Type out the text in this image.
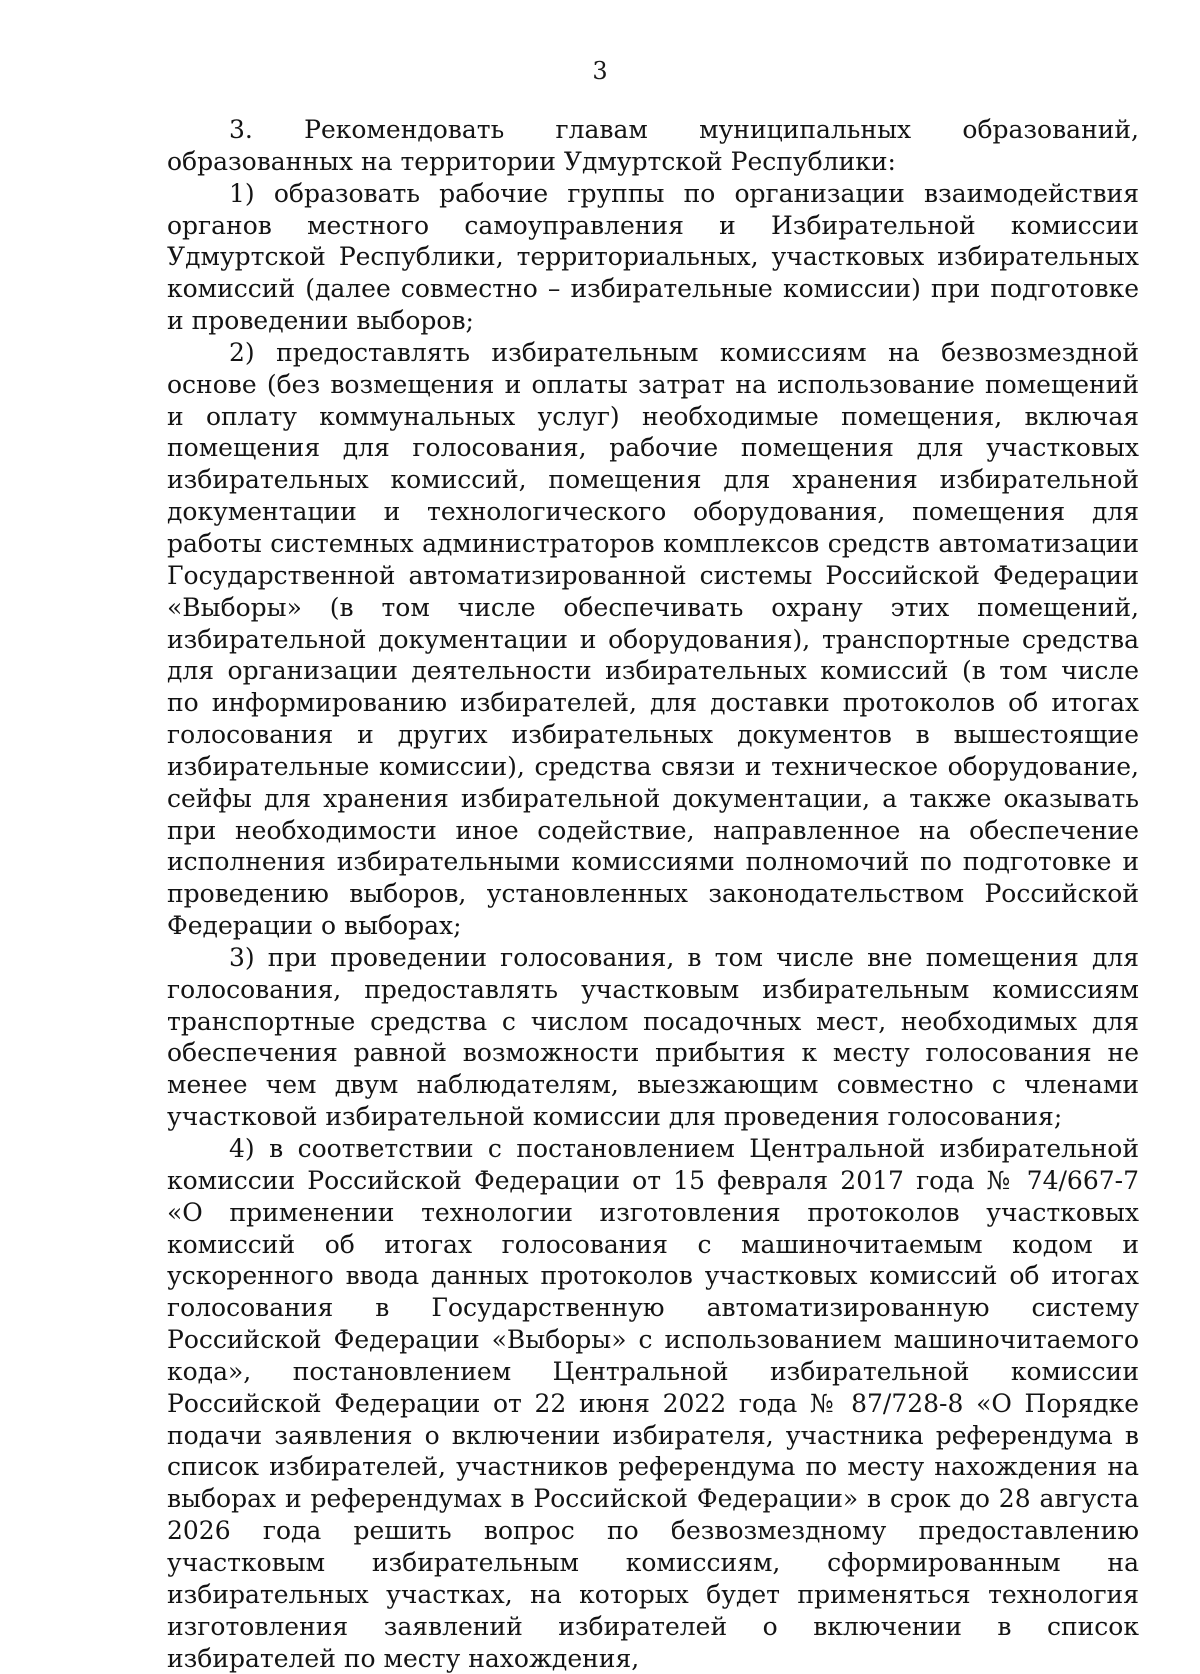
3

3. Рекомендовать главам муниципальных образований, образованных на территории Удмуртской Республики:

1) образовать рабочие группы по организации взаимодействия органов местного самоуправления и Избирательной комиссии Удмуртской Республики, территориальных, участковых избирательных комиссий (далее совместно – избирательные комиссии) при подготовке и проведении выборов;

2) предоставлять избирательным комиссиям на безвозмездной основе (без возмещения и оплаты затрат на использование помещений и оплату коммунальных услуг) необходимые помещения, включая помещения для голосования, рабочие помещения для участковых избирательных комиссий, помещения для хранения избирательной документации и технологического оборудования, помещения для работы системных администраторов комплексов средств автоматизации Государственной автоматизированной системы Российской Федерации «Выборы» (в том числе обеспечивать охрану этих помещений, избирательной документации и оборудования), транспортные средства для организации деятельности избирательных комиссий (в том числе по информированию избирателей, для доставки протоколов об итогах голосования и других избирательных документов в вышестоящие избирательные комиссии), средства связи и техническое оборудование, сейфы для хранения избирательной документации, а также оказывать при необходимости иное содействие, направленное на обеспечение исполнения избирательными комиссиями полномочий по подготовке и проведению выборов, установленных законодательством Российской Федерации о выборах;

3) при проведении голосования, в том числе вне помещения для голосования, предоставлять участковым избирательным комиссиям транспортные средства с числом посадочных мест, необходимых для обеспечения равной возможности прибытия к месту голосования не менее чем двум наблюдателям, выезжающим совместно с членами участковой избирательной комиссии для проведения голосования;

4) в соответствии с постановлением Центральной избирательной комиссии Российской Федерации от 15 февраля 2017 года № 74/667-7 «О применении технологии изготовления протоколов участковых комиссий об итогах голосования с машиночитаемым кодом и ускоренного ввода данных протоколов участковых комиссий об итогах голосования в Государственную автоматизированную систему Российской Федерации «Выборы» с использованием машиночитаемого кода», постановлением Центральной избирательной комиссии Российской Федерации от 22 июня 2022 года № 87/728-8 «О Порядке подачи заявления о включении избирателя, участника референдума в список избирателей, участников референдума по месту нахождения на выборах и референдумах в Российской Федерации» в срок до 28 августа 2026 года решить вопрос по безвозмездному предоставлению участковым избирательным комиссиям, сформированным на избирательных участках, на которых будет применяться технология изготовления заявлений избирателей о включении в список избирателей по месту нахождения,
